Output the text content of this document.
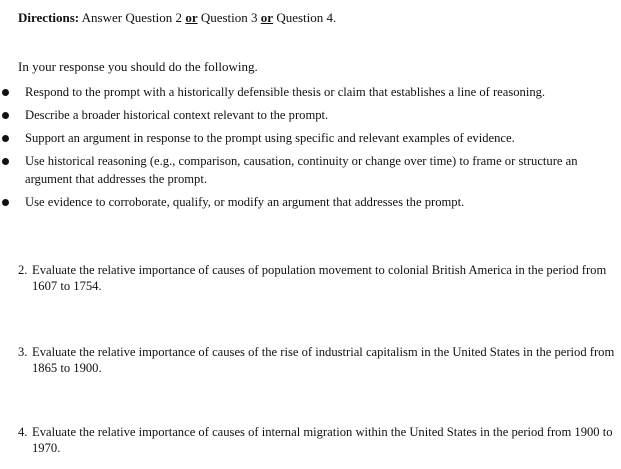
Directions: Answer Question 2 or Question 3 or Question 4.
In your response you should do the following.
Respond to the prompt with a historically defensible thesis or claim that establishes a line of reasoning.
Describe a broader historical context relevant to the prompt.
Support an argument in response to the prompt using specific and relevant examples of evidence.
Use historical reasoning (e.g., comparison, causation, continuity or change over time) to frame or structure an argument that addresses the prompt.
Use evidence to corroborate, qualify, or modify an argument that addresses the prompt.
2. Evaluate the relative importance of causes of population movement to colonial British America in the period from 1607 to 1754.
3. Evaluate the relative importance of causes of the rise of industrial capitalism in the United States in the period from 1865 to 1900.
4. Evaluate the relative importance of causes of internal migration within the United States in the period from 1900 to 1970.
